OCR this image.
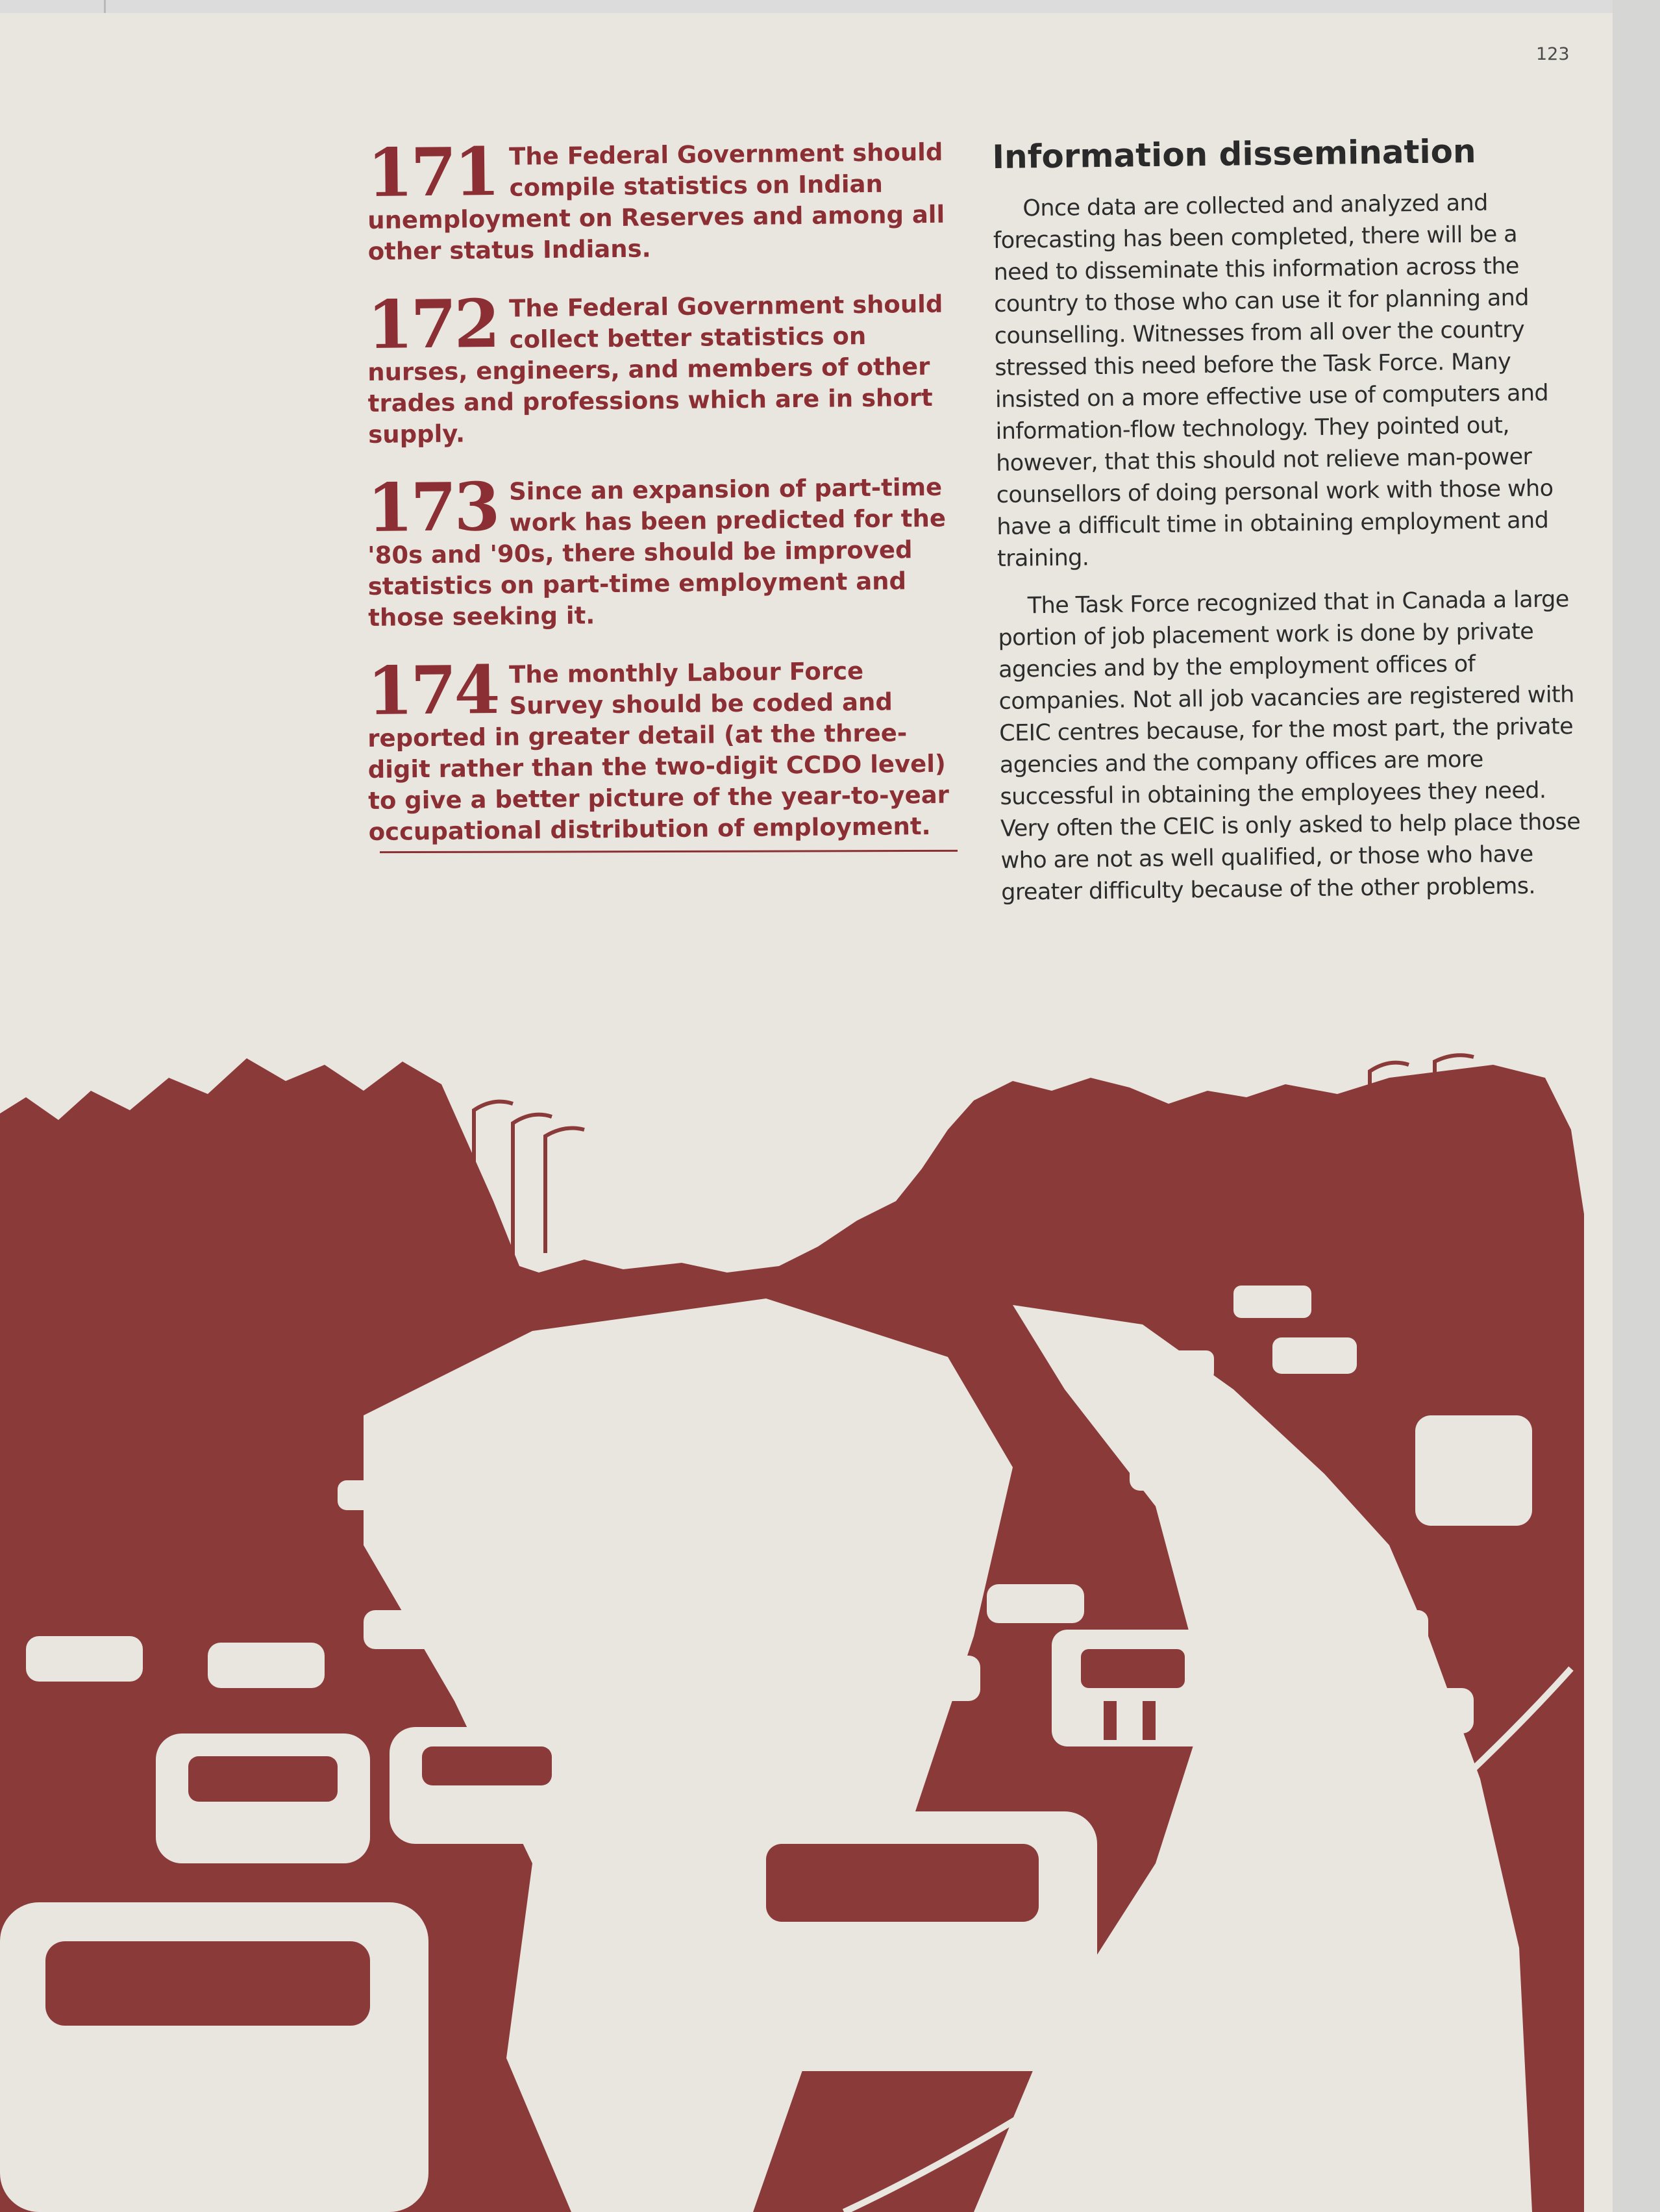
123
171 The Federal Government should compile statistics on Indian unemployment on Reserves and among all other status Indians.
172 The Federal Government should collect better statistics on nurses, engineers, and members of other trades and professions which are in short supply.
173 Since an expansion of part-time work has been predicted for the '80s and '90s, there should be improved statistics on part-time employment and those seeking it.
174 The monthly Labour Force Survey should be coded and reported in greater detail (at the three-digit rather than the two-digit CCDO level) to give a better picture of the year-to-year occupational distribution of employment.
Information dissemination

Once data are collected and analyzed and forecasting has been completed, there will be a need to disseminate this information across the country to those who can use it for planning and counselling. Witnesses from all over the country stressed this need before the Task Force. Many insisted on a more effective use of computers and information-flow technology. They pointed out, however, that this should not relieve man-power counsellors of doing personal work with those who have a difficult time in obtaining employment and training.

The Task Force recognized that in Canada a large portion of job placement work is done by private agencies and by the employment offices of companies. Not all job vacancies are registered with CEIC centres because, for the most part, the private agencies and the company offices are more successful in obtaining the employees they need. Very often the CEIC is only asked to help place those who are not as well qualified, or those who have greater difficulty because of the other problems.
